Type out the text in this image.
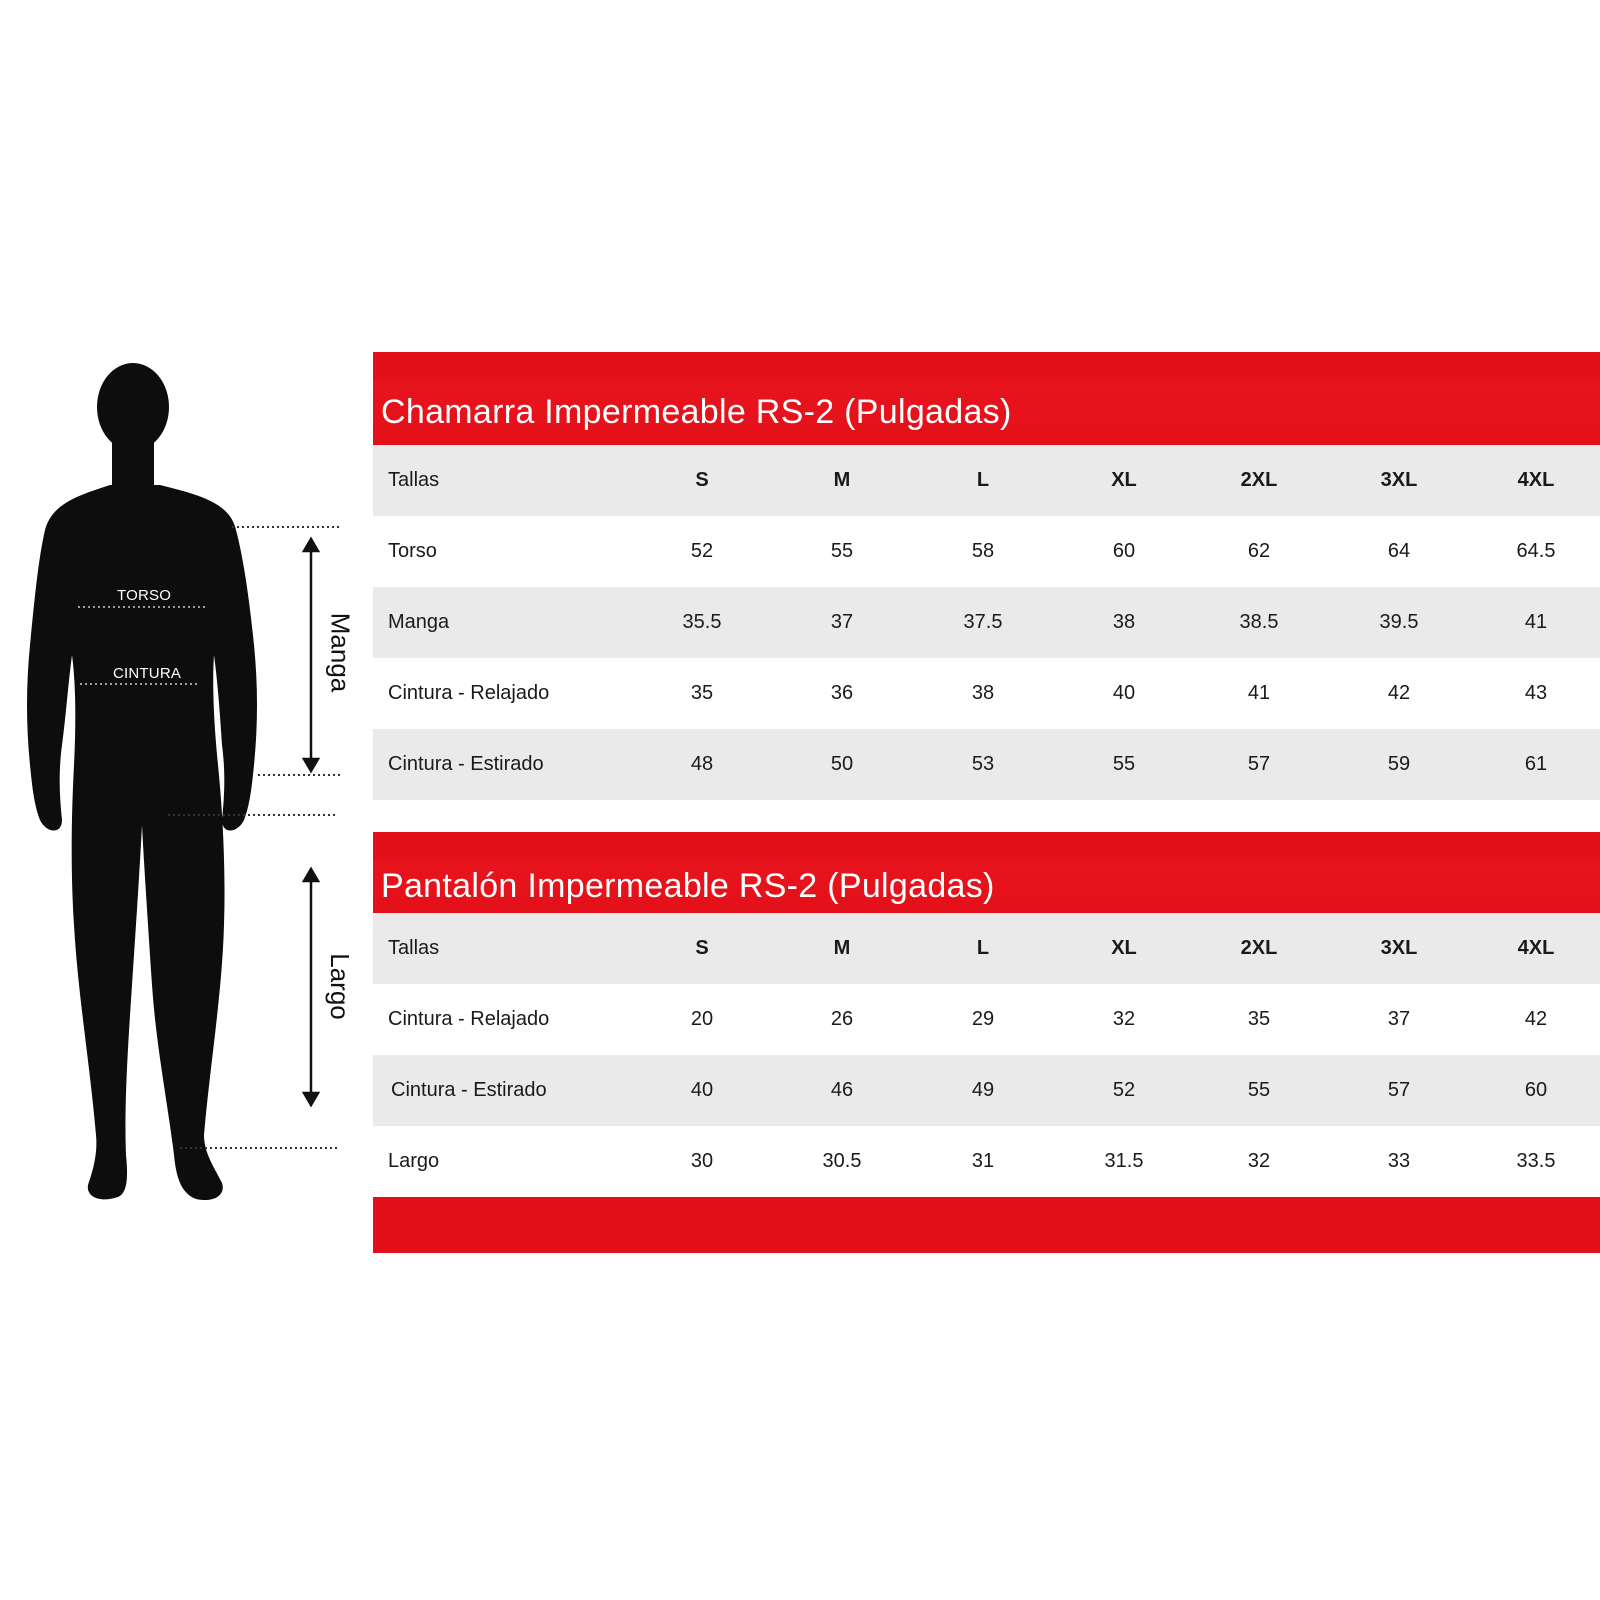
TORSO
CINTURA	Manga
Largo
Chamarra Impermeable RS-2 (Pulgadas)
Tallas	S	M	L	XL	2XL	3XL	4XL
Torso	52	55	58	60	62	64	64.5
Manga	35.5	37	37.5	38	38.5	39.5	41
Cintura - Relajado	35	36	38	40	41	42	43
Cintura - Estirado	48	50	53	55	57	59	61
Pantalón Impermeable RS-2 (Pulgadas)
Tallas	S	M	L	XL	2XL	3XL	4XL
Cintura - Relajado	20	26	29	32	35	37	42
Cintura - Estirado	40	46	49	52	55	57	60
Largo	30	30.5	31	31.5	32	33	33.5
